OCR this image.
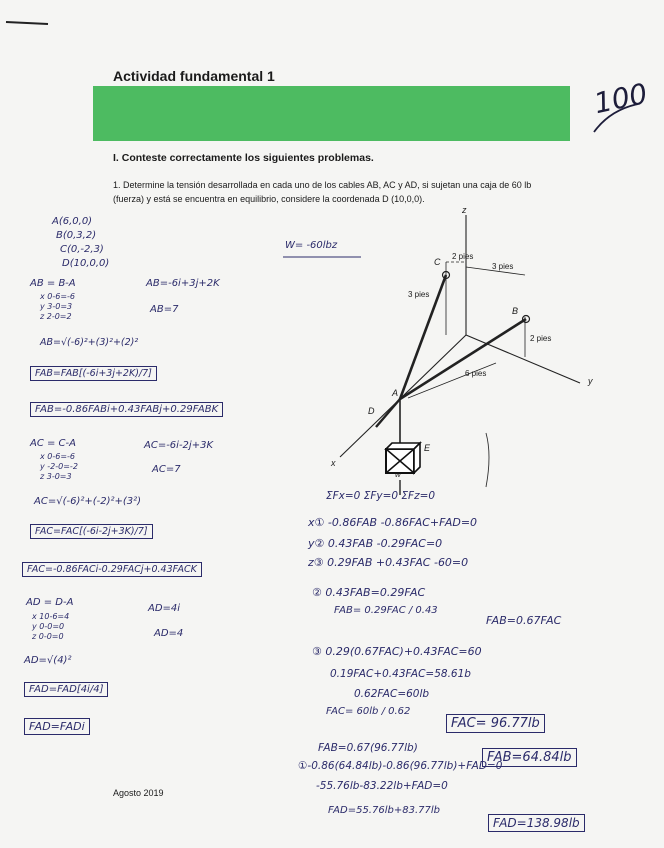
Actividad fundamental 1
100
I. Conteste correctamente los siguientes problemas.
1. Determine la tensión desarrollada en cada uno de los cables AB, AC y AD, si sujetan una caja de 60 lb (fuerza) y está se encuentra en equilibrio, considere la coordenada D (10,0,0).
z
x
y
C
B
A
D
E
2 pies
3 pies
3 pies
2 pies
6 pies
w
W= -60lbz
A(6,0,0)
B(0,3,2)
C(0,-2,3)
D(10,0,0)
AB = B-A
x 0-6=-6
y 3-0=3
z 2-0=2
AB=-6i+3j+2K
AB=7
AB=√(-6)²+(3)²+(2)²
FAB=FAB[(-6i+3j+2K)/7]
FAB=-0.86FABi+0.43FABj+0.29FABK
AC = C-A
x 0-6=-6
y -2-0=-2
z 3-0=3
AC=-6i-2j+3K
AC=7
AC=√(-6)²+(-2)²+(3²)
FAC=FAC[(-6i-2j+3K)/7]
FAC=-0.86FACi-0.29FACj+0.43FACK
AD = D-A
x 10-6=4
y 0-0=0
z 0-0=0
AD=4i
AD=4
AD=√(4)²
FAD=FAD[4i/4]
FAD=FADi
ΣFx=0 ΣFy=0 ΣFz=0
x① -0.86FAB -0.86FAC+FAD=0
y② 0.43FAB -0.29FAC=0
z③ 0.29FAB +0.43FAC -60=0
② 0.43FAB=0.29FAC
FAB= 0.29FAC / 0.43
FAB=0.67FAC
③ 0.29(0.67FAC)+0.43FAC=60
0.19FAC+0.43FAC=58.61b
0.62FAC=60lb
FAC= 60lb / 0.62
FAC= 96.77lb
FAB=0.67(96.77lb)
FAB=64.84lb
①-0.86(64.84lb)-0.86(96.77lb)+FAD=0
-55.76lb-83.22lb+FAD=0
FAD=55.76lb+83.77lb
FAD=138.98lb
Agosto 2019
